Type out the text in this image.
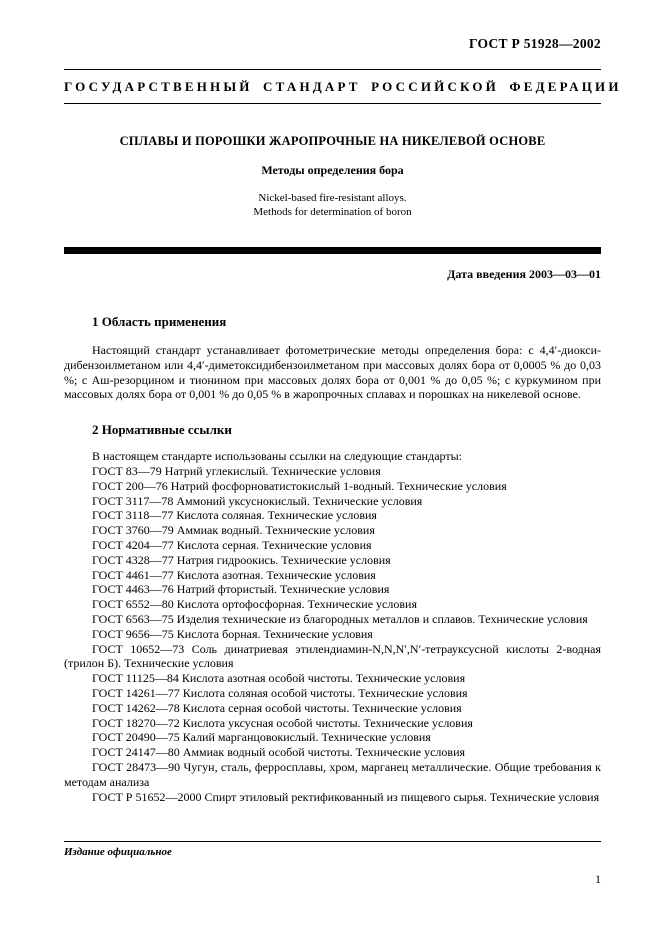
ГОСТ Р 51928—2002
ГОСУДАРСТВЕННЫЙ СТАНДАРТ РОССИЙСКОЙ ФЕДЕРАЦИИ
СПЛАВЫ И ПОРОШКИ ЖАРОПРОЧНЫЕ НА НИКЕЛЕВОЙ ОСНОВЕ
Методы определения бора
Nickel-based fire-resistant alloys.
Methods for determination of boron
Дата введения 2003—03—01

1 Область применения

Настоящий стандарт устанавливает фотометрические методы определения бора: с 4,4′-диоксидибензоилметаном или 4,4′-диметоксидибензоилметаном при массовых долях бора от 0,0005 % до 0,03 %; с Аш-резорцином и тионином при массовых долях бора от 0,001 % до 0,05 %; с куркумином при массовых долях бора от 0,001 % до 0,05 % в жаропрочных сплавах и порошках на никелевой основе.

2 Нормативные ссылки

В настоящем стандарте использованы ссылки на следующие стандарты:

ГОСТ 83—79 Натрий углекислый. Технические условия

ГОСТ 200—76 Натрий фосфорноватистокислый 1-водный. Технические условия

ГОСТ 3117—78 Аммоний уксуснокислый. Технические условия

ГОСТ 3118—77 Кислота соляная. Технические условия

ГОСТ 3760—79 Аммиак водный. Технические условия

ГОСТ 4204—77 Кислота серная. Технические условия

ГОСТ 4328—77 Натрия гидроокись. Технические условия

ГОСТ 4461—77 Кислота азотная. Технические условия

ГОСТ 4463—76 Натрий фтористый. Технические условия

ГОСТ 6552—80 Кислота ортофосфорная. Технические условия

ГОСТ 6563—75 Изделия технические из благородных металлов и сплавов. Технические условия

ГОСТ 9656—75 Кислота борная. Технические условия

ГОСТ 10652—73 Соль динатриевая этилендиамин-N,N,N′,N′-тетрауксусной кислоты 2-водная (трилон Б). Технические условия

ГОСТ 11125—84 Кислота азотная особой чистоты. Технические условия

ГОСТ 14261—77 Кислота соляная особой чистоты. Технические условия

ГОСТ 14262—78 Кислота серная особой чистоты. Технические условия

ГОСТ 18270—72 Кислота уксусная особой чистоты. Технические условия

ГОСТ 20490—75 Калий марганцовокислый. Технические условия

ГОСТ 24147—80 Аммиак водный особой чистоты. Технические условия

ГОСТ 28473—90 Чугун, сталь, ферросплавы, хром, марганец металлические. Общие требования к методам анализа

ГОСТ Р 51652—2000 Спирт этиловый ректификованный из пищевого сырья. Технические условия

Издание официальное
1
